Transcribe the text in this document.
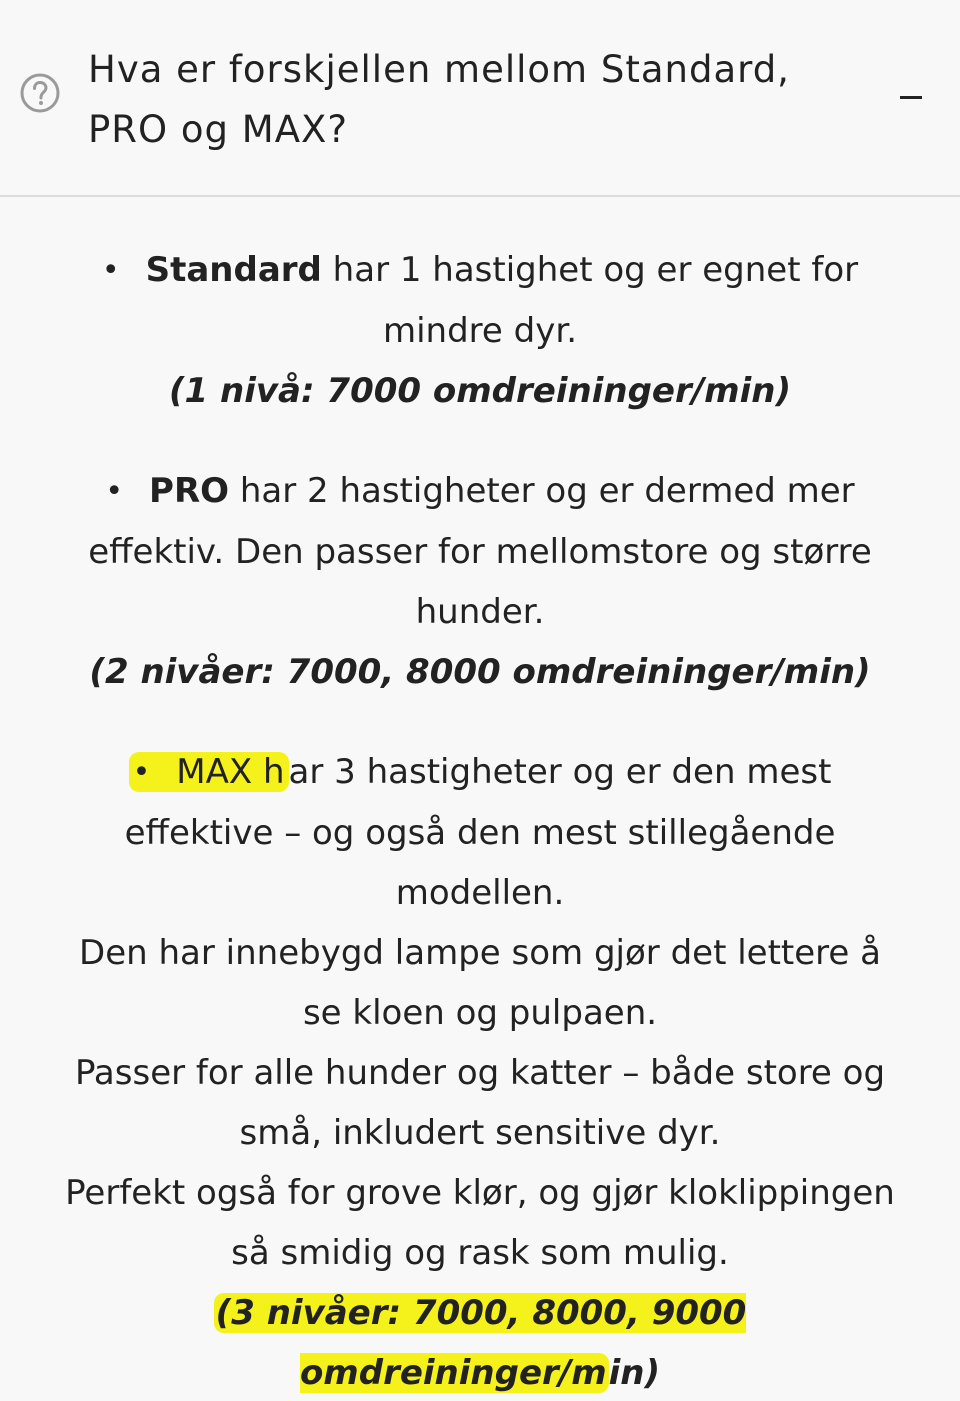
Hva er forskjellen mellom Standard, PRO og MAX?

• Standard har 1 hastighet og er egnet for

mindre dyr.

(1 nivå: 7000 omdreininger/min)

• PRO har 2 hastigheter og er dermed mer

effektiv. Den passer for mellomstore og større

hunder.

(2 nivåer: 7000, 8000 omdreininger/min)

• MAX h ar 3 hastigheter og er den mest

effektive – og også den mest stillegående

modellen.

Den har innebygd lampe som gjør det lettere å

se kloen og pulpaen.

Passer for alle hunder og katter – både store og

små, inkludert sensitive dyr.

Perfekt også for grove klør, og gjør kloklippingen

så smidig og rask som mulig.

(3 nivåer: 7000, 8000, 9000 omdreininger/min)
